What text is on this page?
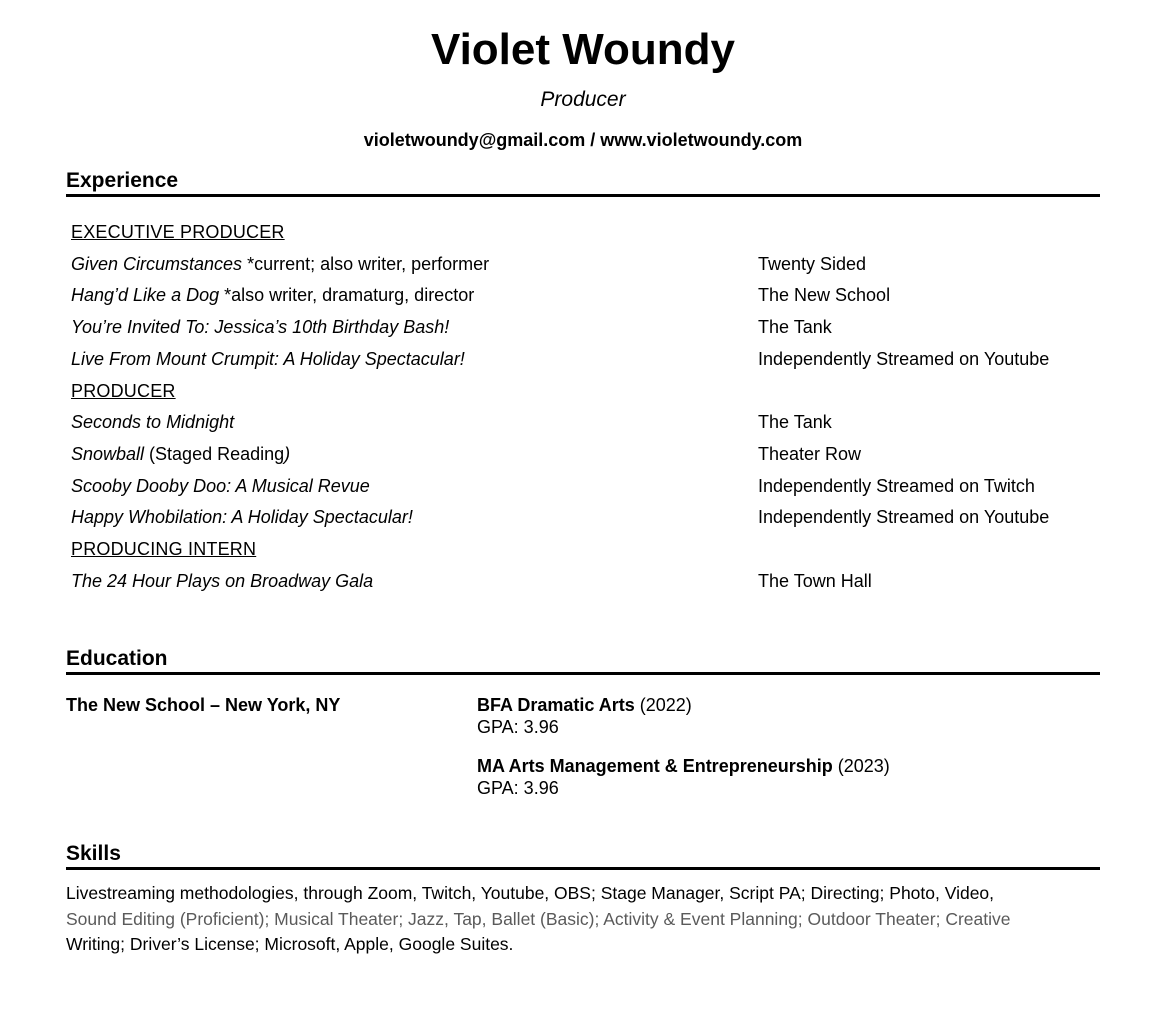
Violet Woundy
Producer
violetwoundy@gmail.com / www.violetwoundy.com
Experience
EXECUTIVE PRODUCER
Given Circumstances *current; also writer, performer	Twenty Sided
Hang’d Like a Dog *also writer, dramaturg, director	The New School
You’re Invited To: Jessica’s 10th Birthday Bash!	The Tank
Live From Mount Crumpit: A Holiday Spectacular!	Independently Streamed on Youtube
PRODUCER
Seconds to Midnight	The Tank
Snowball (Staged Reading)	Theater Row
Scooby Dooby Doo: A Musical Revue	Independently Streamed on Twitch
Happy Whobilation: A Holiday Spectacular!	Independently Streamed on Youtube
PRODUCING INTERN
The 24 Hour Plays on Broadway Gala	The Town Hall
Education
The New School – New York, NY	BFA Dramatic Arts (2022)
GPA: 3.96
MA Arts Management & Entrepreneurship (2023)
GPA: 3.96
Skills
Livestreaming methodologies, through Zoom, Twitch, Youtube, OBS; Stage Manager, Script PA; Directing; Photo, Video,
Sound Editing (Proficient); Musical Theater; Jazz, Tap, Ballet (Basic); Activity & Event Planning; Outdoor Theater; Creative
Writing; Driver’s License; Microsoft, Apple, Google Suites.
